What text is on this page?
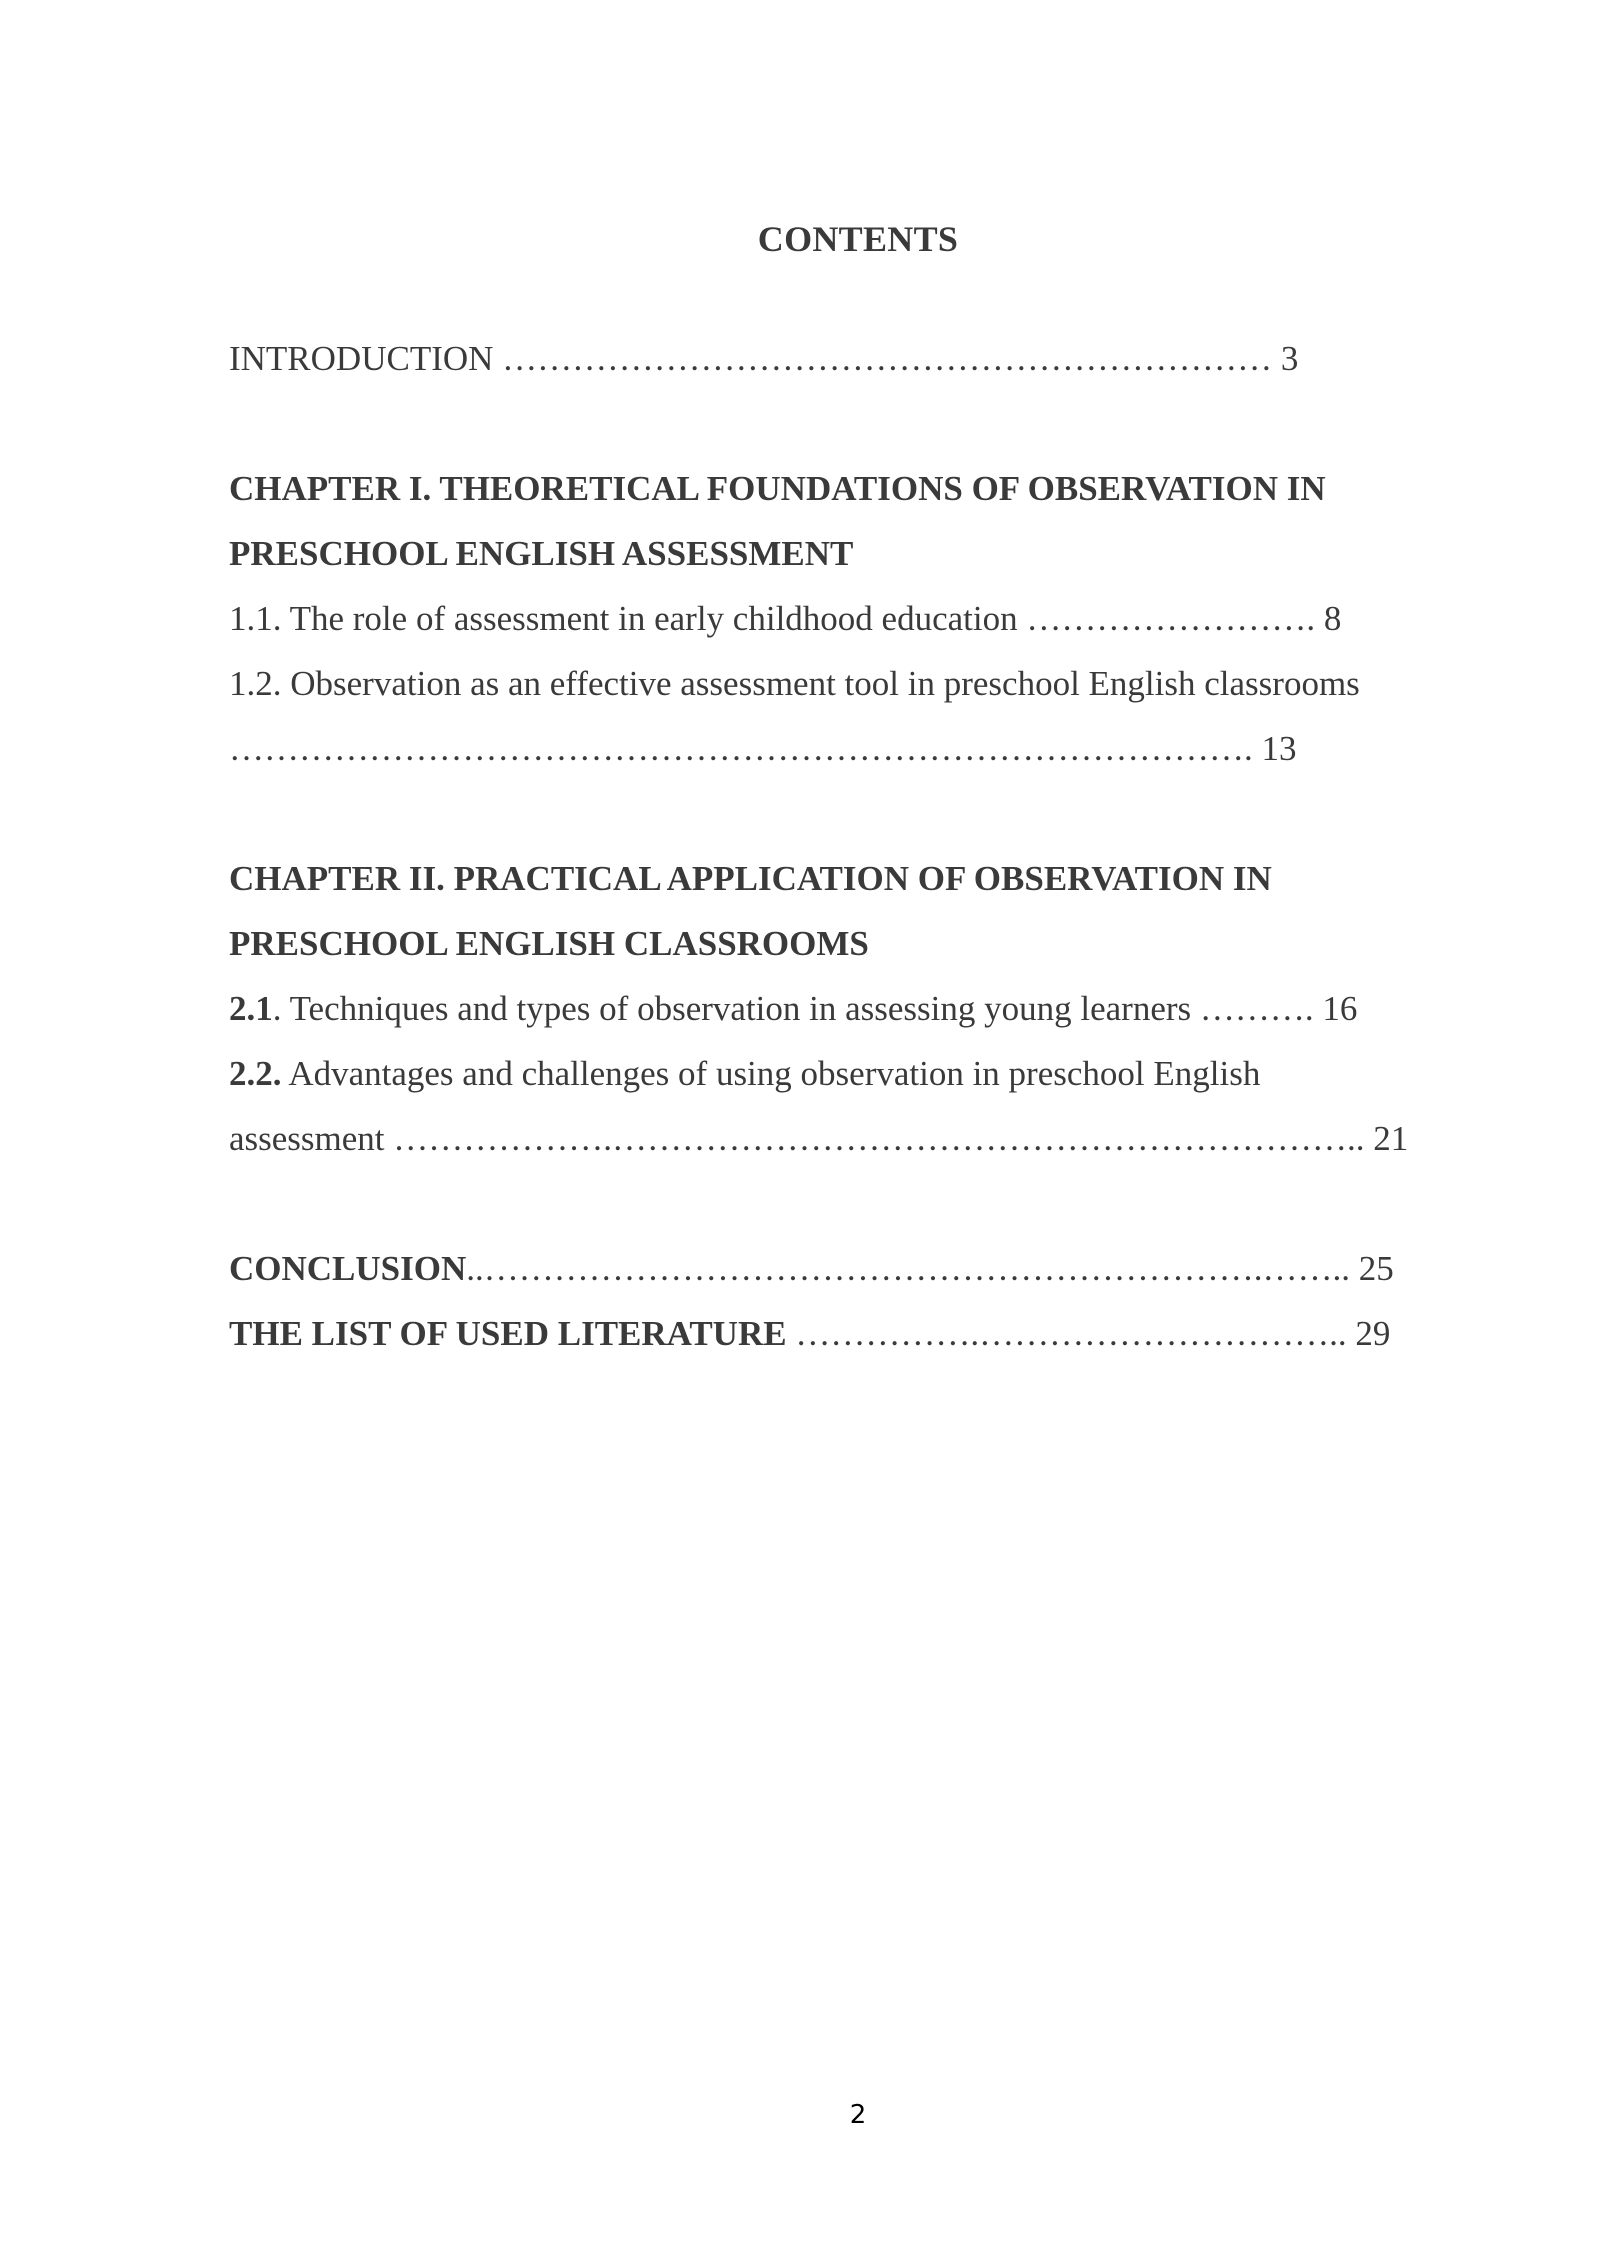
CONTENTS
INTRODUCTION ………………………………………………………… 3
CHAPTER I. THEORETICAL FOUNDATIONS OF OBSERVATION IN
PRESCHOOL ENGLISH ASSESSMENT
1.1. The role of assessment in early childhood education ……………………. 8
1.2. Observation as an effective assessment tool in preschool English classrooms
……………………………………………………………………………. 13
CHAPTER II. PRACTICAL APPLICATION OF OBSERVATION IN
PRESCHOOL ENGLISH CLASSROOMS
2.1. Techniques and types of observation in assessing young learners ………. 16
2.2. Advantages and challenges of using observation in preschool English
assessment ……………….……………………………………………………….. 21
CONCLUSION..………………………………………………………….…….. 25
THE LIST OF USED LITERATURE …………….………………………….. 29
2
